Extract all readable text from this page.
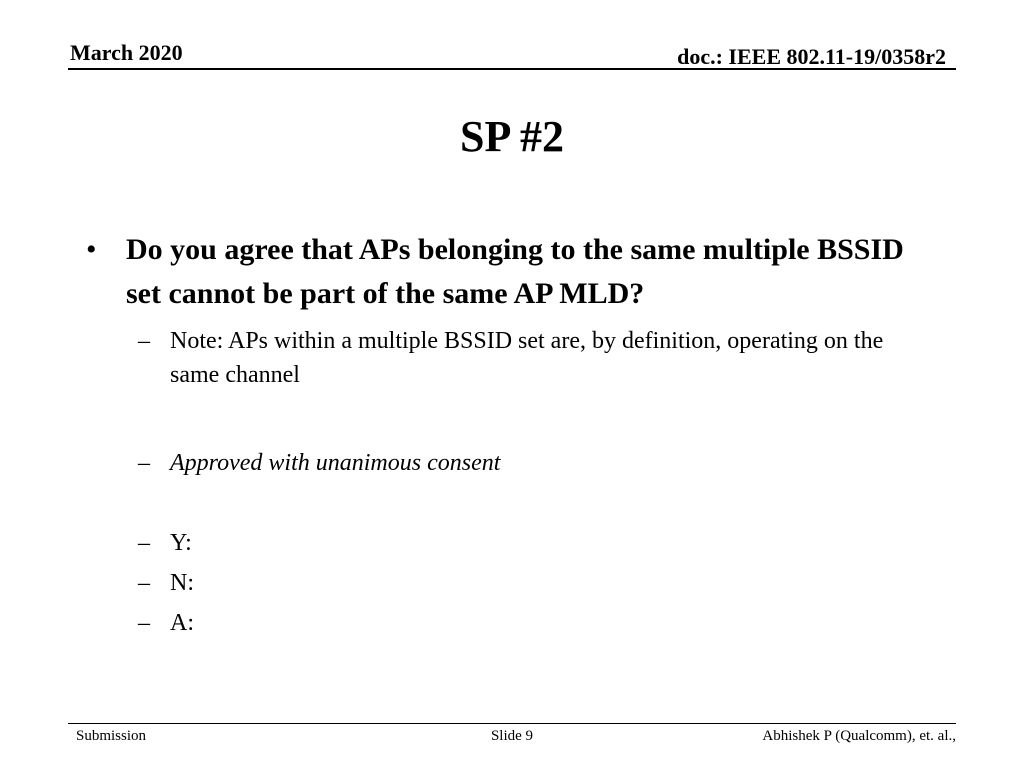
March 2020	doc.: IEEE 802.11-19/0358r2
SP #2
• Do you agree that APs belonging to the same multiple BSSID set cannot be part of the same AP MLD?
– Note: APs within a multiple BSSID set are, by definition, operating on the same channel
– Approved with unanimous consent
– Y:
– N:
– A:
Submission	Slide 9	Abhishek P (Qualcomm), et. al.,
